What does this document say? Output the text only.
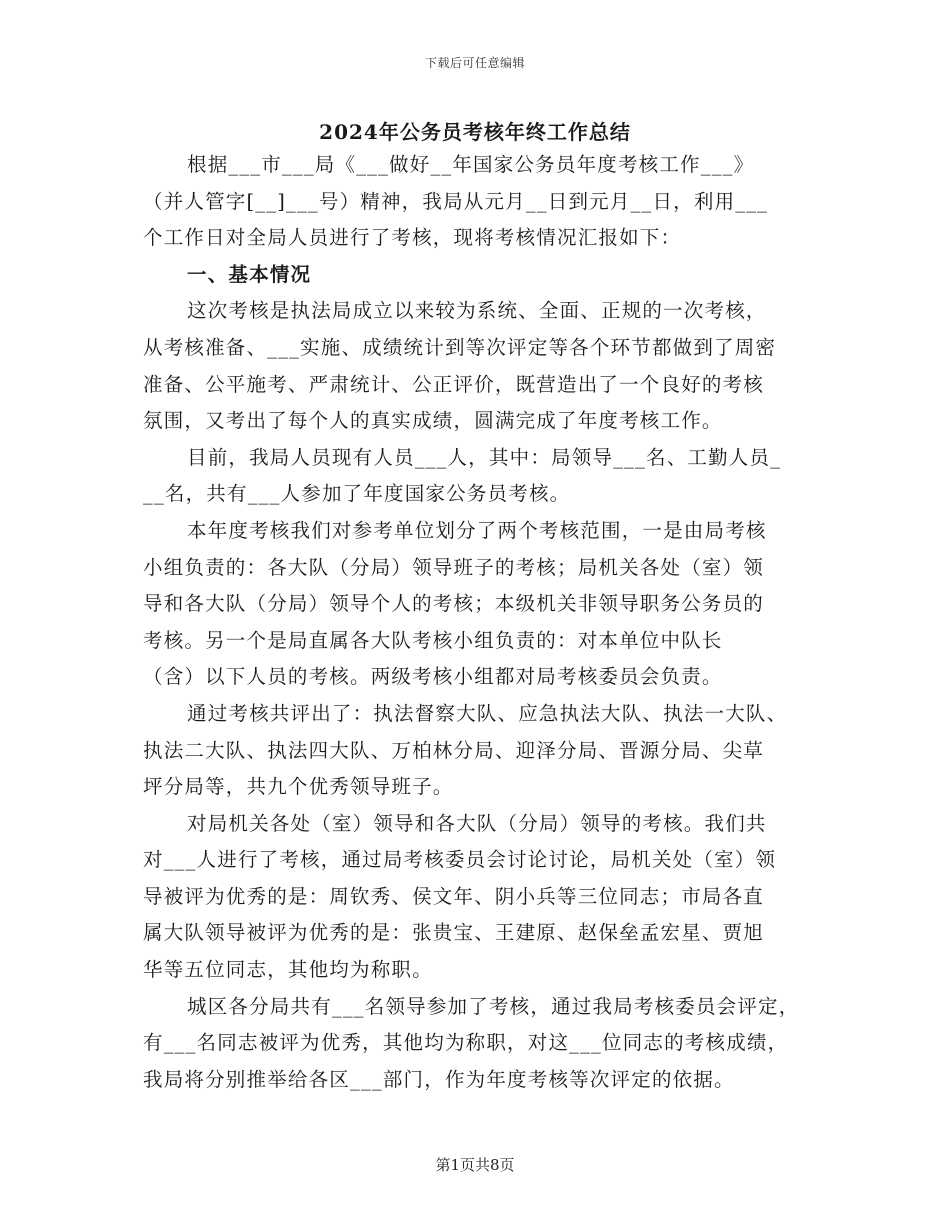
下载后可任意编辑
2024年公务员考核年终工作总结
根据___市___局《___做好__年国家公务员年度考核工作___》
（并人管字[__]___号）精神，我局从元月__日到元月__日，利用___
个工作日对全局人员进行了考核，现将考核情况汇报如下：
一、基本情况
这次考核是执法局成立以来较为系统、全面、正规的一次考核，
从考核准备、___实施、成绩统计到等次评定等各个环节都做到了周密
准备、公平施考、严肃统计、公正评价，既营造出了一个良好的考核
氛围，又考出了每个人的真实成绩，圆满完成了年度考核工作。
目前，我局人员现有人员___人，其中：局领导___名、工勤人员_
__名，共有___人参加了年度国家公务员考核。
本年度考核我们对参考单位划分了两个考核范围，一是由局考核
小组负责的：各大队（分局）领导班子的考核；局机关各处（室）领
导和各大队（分局）领导个人的考核；本级机关非领导职务公务员的
考核。另一个是局直属各大队考核小组负责的：对本单位中队长
（含）以下人员的考核。两级考核小组都对局考核委员会负责。
通过考核共评出了：执法督察大队、应急执法大队、执法一大队、
执法二大队、执法四大队、万柏林分局、迎泽分局、晋源分局、尖草
坪分局等，共九个优秀领导班子。
对局机关各处（室）领导和各大队（分局）领导的考核。我们共
对___人进行了考核，通过局考核委员会讨论讨论，局机关处（室）领
导被评为优秀的是：周钦秀、侯文年、阴小兵等三位同志；市局各直
属大队领导被评为优秀的是：张贵宝、王建原、赵保垒孟宏星、贾旭
华等五位同志，其他均为称职。
城区各分局共有___名领导参加了考核，通过我局考核委员会评定，
有___名同志被评为优秀，其他均为称职，对这___位同志的考核成绩，
我局将分别推举给各区___部门，作为年度考核等次评定的依据。
第1页共8页
